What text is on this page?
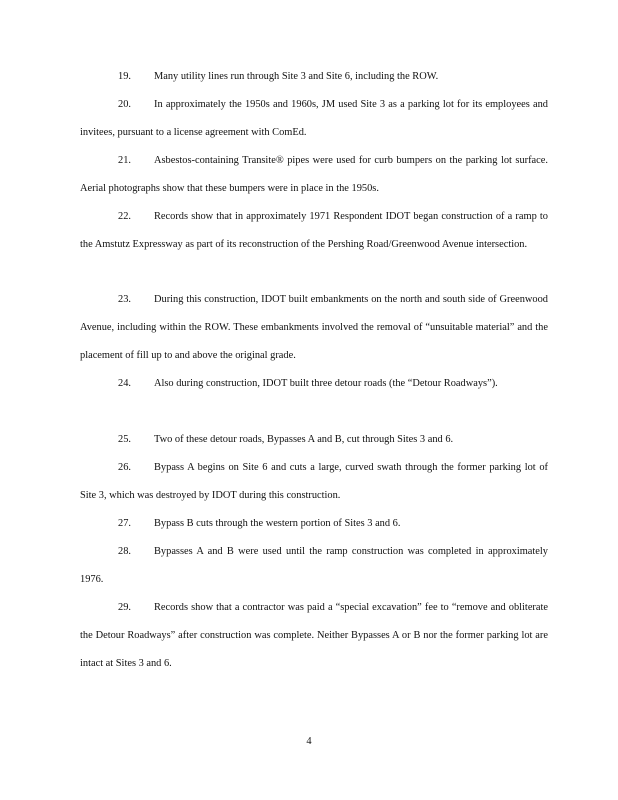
19. Many utility lines run through Site 3 and Site 6, including the ROW.

20. In approximately the 1950s and 1960s, JM used Site 3 as a parking lot for its employees and invitees, pursuant to a license agreement with ComEd.

21. Asbestos-containing Transite® pipes were used for curb bumpers on the parking lot surface. Aerial photographs show that these bumpers were in place in the 1950s.

22. Records show that in approximately 1971 Respondent IDOT began construction of a ramp to the Amstutz Expressway as part of its reconstruction of the Pershing Road/Greenwood Avenue intersection.

23. During this construction, IDOT built embankments on the north and south side of Greenwood Avenue, including within the ROW. These embankments involved the removal of “unsuitable material” and the placement of fill up to and above the original grade.

24. Also during construction, IDOT built three detour roads (the “Detour Roadways”).

25. Two of these detour roads, Bypasses A and B, cut through Sites 3 and 6.

26. Bypass A begins on Site 6 and cuts a large, curved swath through the former parking lot of Site 3, which was destroyed by IDOT during this construction.

27. Bypass B cuts through the western portion of Sites 3 and 6.

28. Bypasses A and B were used until the ramp construction was completed in approximately 1976.

29. Records show that a contractor was paid a “special excavation” fee to “remove and obliterate the Detour Roadways” after construction was complete. Neither Bypasses A or B nor the former parking lot are intact at Sites 3 and 6.

4
